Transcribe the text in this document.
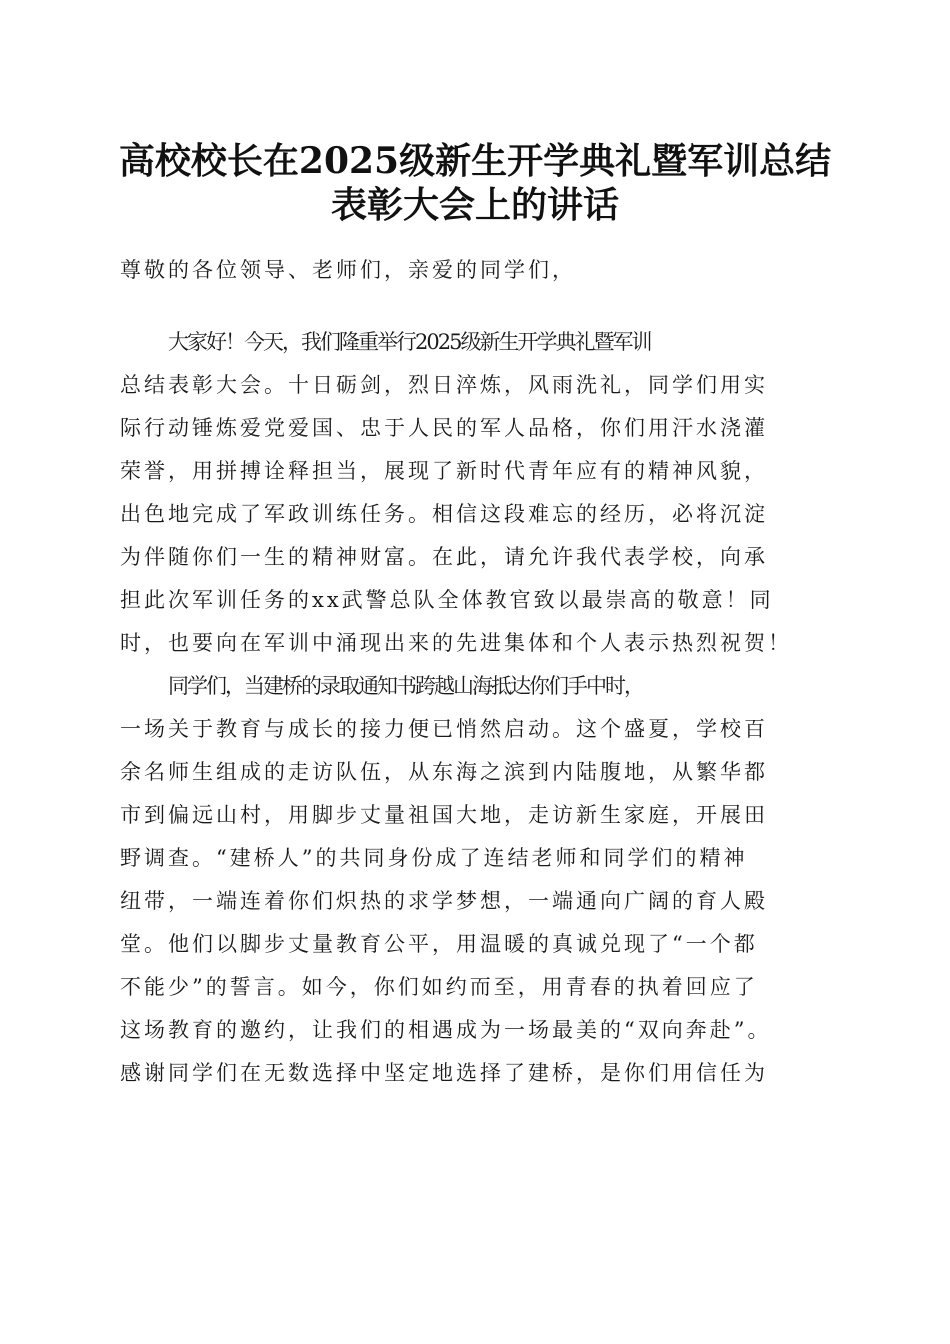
高校校长在2025级新生开学典礼暨军训总结
表彰大会上的讲话
尊敬的各位领导、老师们，亲爱的同学们，
大家好！今天，我们隆重举行2025级新生开学典礼暨军训
总结表彰大会。十日砺剑，烈日淬炼，风雨洗礼，同学们用实
际行动锤炼爱党爱国、忠于人民的军人品格，你们用汗水浇灌
荣誉，用拼搏诠释担当，展现了新时代青年应有的精神风貌，
出色地完成了军政训练任务。相信这段难忘的经历，必将沉淀
为伴随你们一生的精神财富。在此，请允许我代表学校，向承
担此次军训任务的xx武警总队全体教官致以最崇高的敬意！同
时，也要向在军训中涌现出来的先进集体和个人表示热烈祝贺！
同学们，当建桥的录取通知书跨越山海抵达你们手中时，
一场关于教育与成长的接力便已悄然启动。这个盛夏，学校百
余名师生组成的走访队伍，从东海之滨到内陆腹地，从繁华都
市到偏远山村，用脚步丈量祖国大地，走访新生家庭，开展田
野调查。“建桥人”的共同身份成了连结老师和同学们的精神
纽带，一端连着你们炽热的求学梦想，一端通向广阔的育人殿
堂。他们以脚步丈量教育公平，用温暖的真诚兑现了“一个都
不能少”的誓言。如今，你们如约而至，用青春的执着回应了
这场教育的邀约，让我们的相遇成为一场最美的“双向奔赴”。
感谢同学们在无数选择中坚定地选择了建桥，是你们用信任为
